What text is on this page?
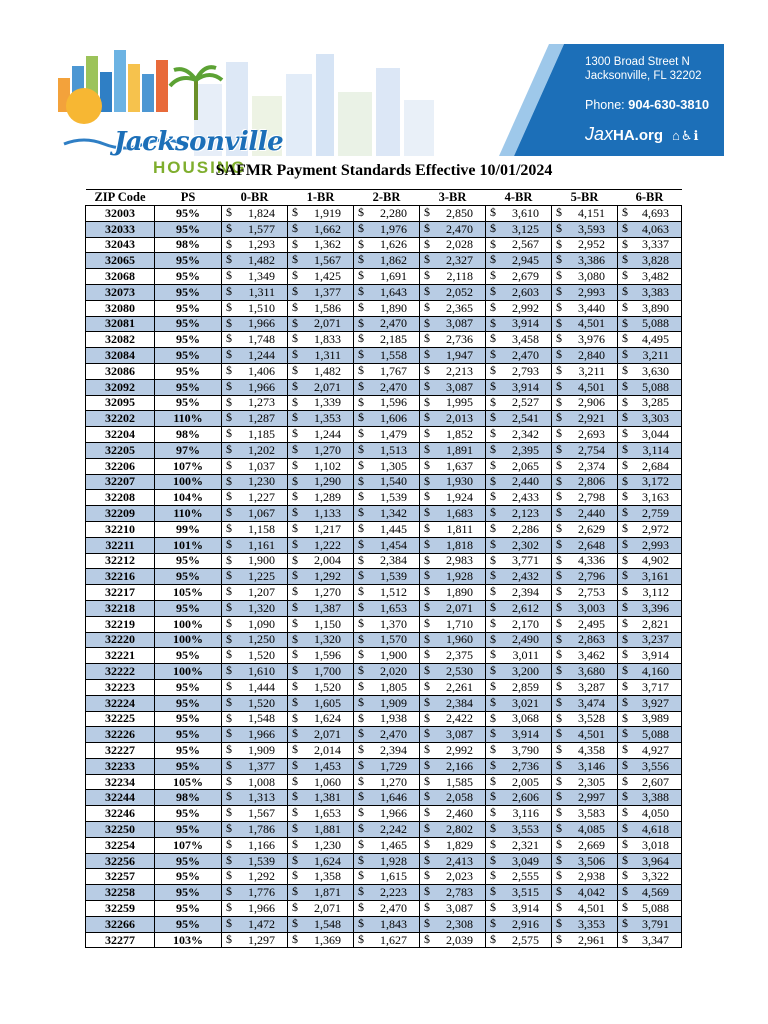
Jacksonville
HOUSING
1300 Broad Street N
Jacksonville, FL 32202
Phone: 904-630-3810
JaxHA.org ⌂♿ℹ
SAFMR Payment Standards Effective 10/01/2024
ZIP Code	PS	0-BR	1-BR	2-BR	3-BR	4-BR	5-BR	6-BR
32003	95%	$ 1,824	$ 1,919	$ 2,280	$ 2,850	$ 3,610	$ 4,151	$ 4,693

32033	95%	$ 1,577	$ 1,662	$ 1,976	$ 2,470	$ 3,125	$ 3,593	$ 4,063

32043	98%	$ 1,293	$ 1,362	$ 1,626	$ 2,028	$ 2,567	$ 2,952	$ 3,337

32065	95%	$ 1,482	$ 1,567	$ 1,862	$ 2,327	$ 2,945	$ 3,386	$ 3,828

32068	95%	$ 1,349	$ 1,425	$ 1,691	$ 2,118	$ 2,679	$ 3,080	$ 3,482

32073	95%	$ 1,311	$ 1,377	$ 1,643	$ 2,052	$ 2,603	$ 2,993	$ 3,383

32080	95%	$ 1,510	$ 1,586	$ 1,890	$ 2,365	$ 2,992	$ 3,440	$ 3,890

32081	95%	$ 1,966	$ 2,071	$ 2,470	$ 3,087	$ 3,914	$ 4,501	$ 5,088

32082	95%	$ 1,748	$ 1,833	$ 2,185	$ 2,736	$ 3,458	$ 3,976	$ 4,495

32084	95%	$ 1,244	$ 1,311	$ 1,558	$ 1,947	$ 2,470	$ 2,840	$ 3,211

32086	95%	$ 1,406	$ 1,482	$ 1,767	$ 2,213	$ 2,793	$ 3,211	$ 3,630

32092	95%	$ 1,966	$ 2,071	$ 2,470	$ 3,087	$ 3,914	$ 4,501	$ 5,088

32095	95%	$ 1,273	$ 1,339	$ 1,596	$ 1,995	$ 2,527	$ 2,906	$ 3,285

32202	110%	$ 1,287	$ 1,353	$ 1,606	$ 2,013	$ 2,541	$ 2,921	$ 3,303

32204	98%	$ 1,185	$ 1,244	$ 1,479	$ 1,852	$ 2,342	$ 2,693	$ 3,044

32205	97%	$ 1,202	$ 1,270	$ 1,513	$ 1,891	$ 2,395	$ 2,754	$ 3,114

32206	107%	$ 1,037	$ 1,102	$ 1,305	$ 1,637	$ 2,065	$ 2,374	$ 2,684

32207	100%	$ 1,230	$ 1,290	$ 1,540	$ 1,930	$ 2,440	$ 2,806	$ 3,172

32208	104%	$ 1,227	$ 1,289	$ 1,539	$ 1,924	$ 2,433	$ 2,798	$ 3,163

32209	110%	$ 1,067	$ 1,133	$ 1,342	$ 1,683	$ 2,123	$ 2,440	$ 2,759

32210	99%	$ 1,158	$ 1,217	$ 1,445	$ 1,811	$ 2,286	$ 2,629	$ 2,972

32211	101%	$ 1,161	$ 1,222	$ 1,454	$ 1,818	$ 2,302	$ 2,648	$ 2,993

32212	95%	$ 1,900	$ 2,004	$ 2,384	$ 2,983	$ 3,771	$ 4,336	$ 4,902

32216	95%	$ 1,225	$ 1,292	$ 1,539	$ 1,928	$ 2,432	$ 2,796	$ 3,161

32217	105%	$ 1,207	$ 1,270	$ 1,512	$ 1,890	$ 2,394	$ 2,753	$ 3,112

32218	95%	$ 1,320	$ 1,387	$ 1,653	$ 2,071	$ 2,612	$ 3,003	$ 3,396

32219	100%	$ 1,090	$ 1,150	$ 1,370	$ 1,710	$ 2,170	$ 2,495	$ 2,821

32220	100%	$ 1,250	$ 1,320	$ 1,570	$ 1,960	$ 2,490	$ 2,863	$ 3,237

32221	95%	$ 1,520	$ 1,596	$ 1,900	$ 2,375	$ 3,011	$ 3,462	$ 3,914

32222	100%	$ 1,610	$ 1,700	$ 2,020	$ 2,530	$ 3,200	$ 3,680	$ 4,160

32223	95%	$ 1,444	$ 1,520	$ 1,805	$ 2,261	$ 2,859	$ 3,287	$ 3,717

32224	95%	$ 1,520	$ 1,605	$ 1,909	$ 2,384	$ 3,021	$ 3,474	$ 3,927

32225	95%	$ 1,548	$ 1,624	$ 1,938	$ 2,422	$ 3,068	$ 3,528	$ 3,989

32226	95%	$ 1,966	$ 2,071	$ 2,470	$ 3,087	$ 3,914	$ 4,501	$ 5,088

32227	95%	$ 1,909	$ 2,014	$ 2,394	$ 2,992	$ 3,790	$ 4,358	$ 4,927

32233	95%	$ 1,377	$ 1,453	$ 1,729	$ 2,166	$ 2,736	$ 3,146	$ 3,556

32234	105%	$ 1,008	$ 1,060	$ 1,270	$ 1,585	$ 2,005	$ 2,305	$ 2,607

32244	98%	$ 1,313	$ 1,381	$ 1,646	$ 2,058	$ 2,606	$ 2,997	$ 3,388

32246	95%	$ 1,567	$ 1,653	$ 1,966	$ 2,460	$ 3,116	$ 3,583	$ 4,050

32250	95%	$ 1,786	$ 1,881	$ 2,242	$ 2,802	$ 3,553	$ 4,085	$ 4,618

32254	107%	$ 1,166	$ 1,230	$ 1,465	$ 1,829	$ 2,321	$ 2,669	$ 3,018

32256	95%	$ 1,539	$ 1,624	$ 1,928	$ 2,413	$ 3,049	$ 3,506	$ 3,964

32257	95%	$ 1,292	$ 1,358	$ 1,615	$ 2,023	$ 2,555	$ 2,938	$ 3,322

32258	95%	$ 1,776	$ 1,871	$ 2,223	$ 2,783	$ 3,515	$ 4,042	$ 4,569

32259	95%	$ 1,966	$ 2,071	$ 2,470	$ 3,087	$ 3,914	$ 4,501	$ 5,088

32266	95%	$ 1,472	$ 1,548	$ 1,843	$ 2,308	$ 2,916	$ 3,353	$ 3,791

32277	103%	$ 1,297	$ 1,369	$ 1,627	$ 2,039	$ 2,575	$ 2,961	$ 3,347
